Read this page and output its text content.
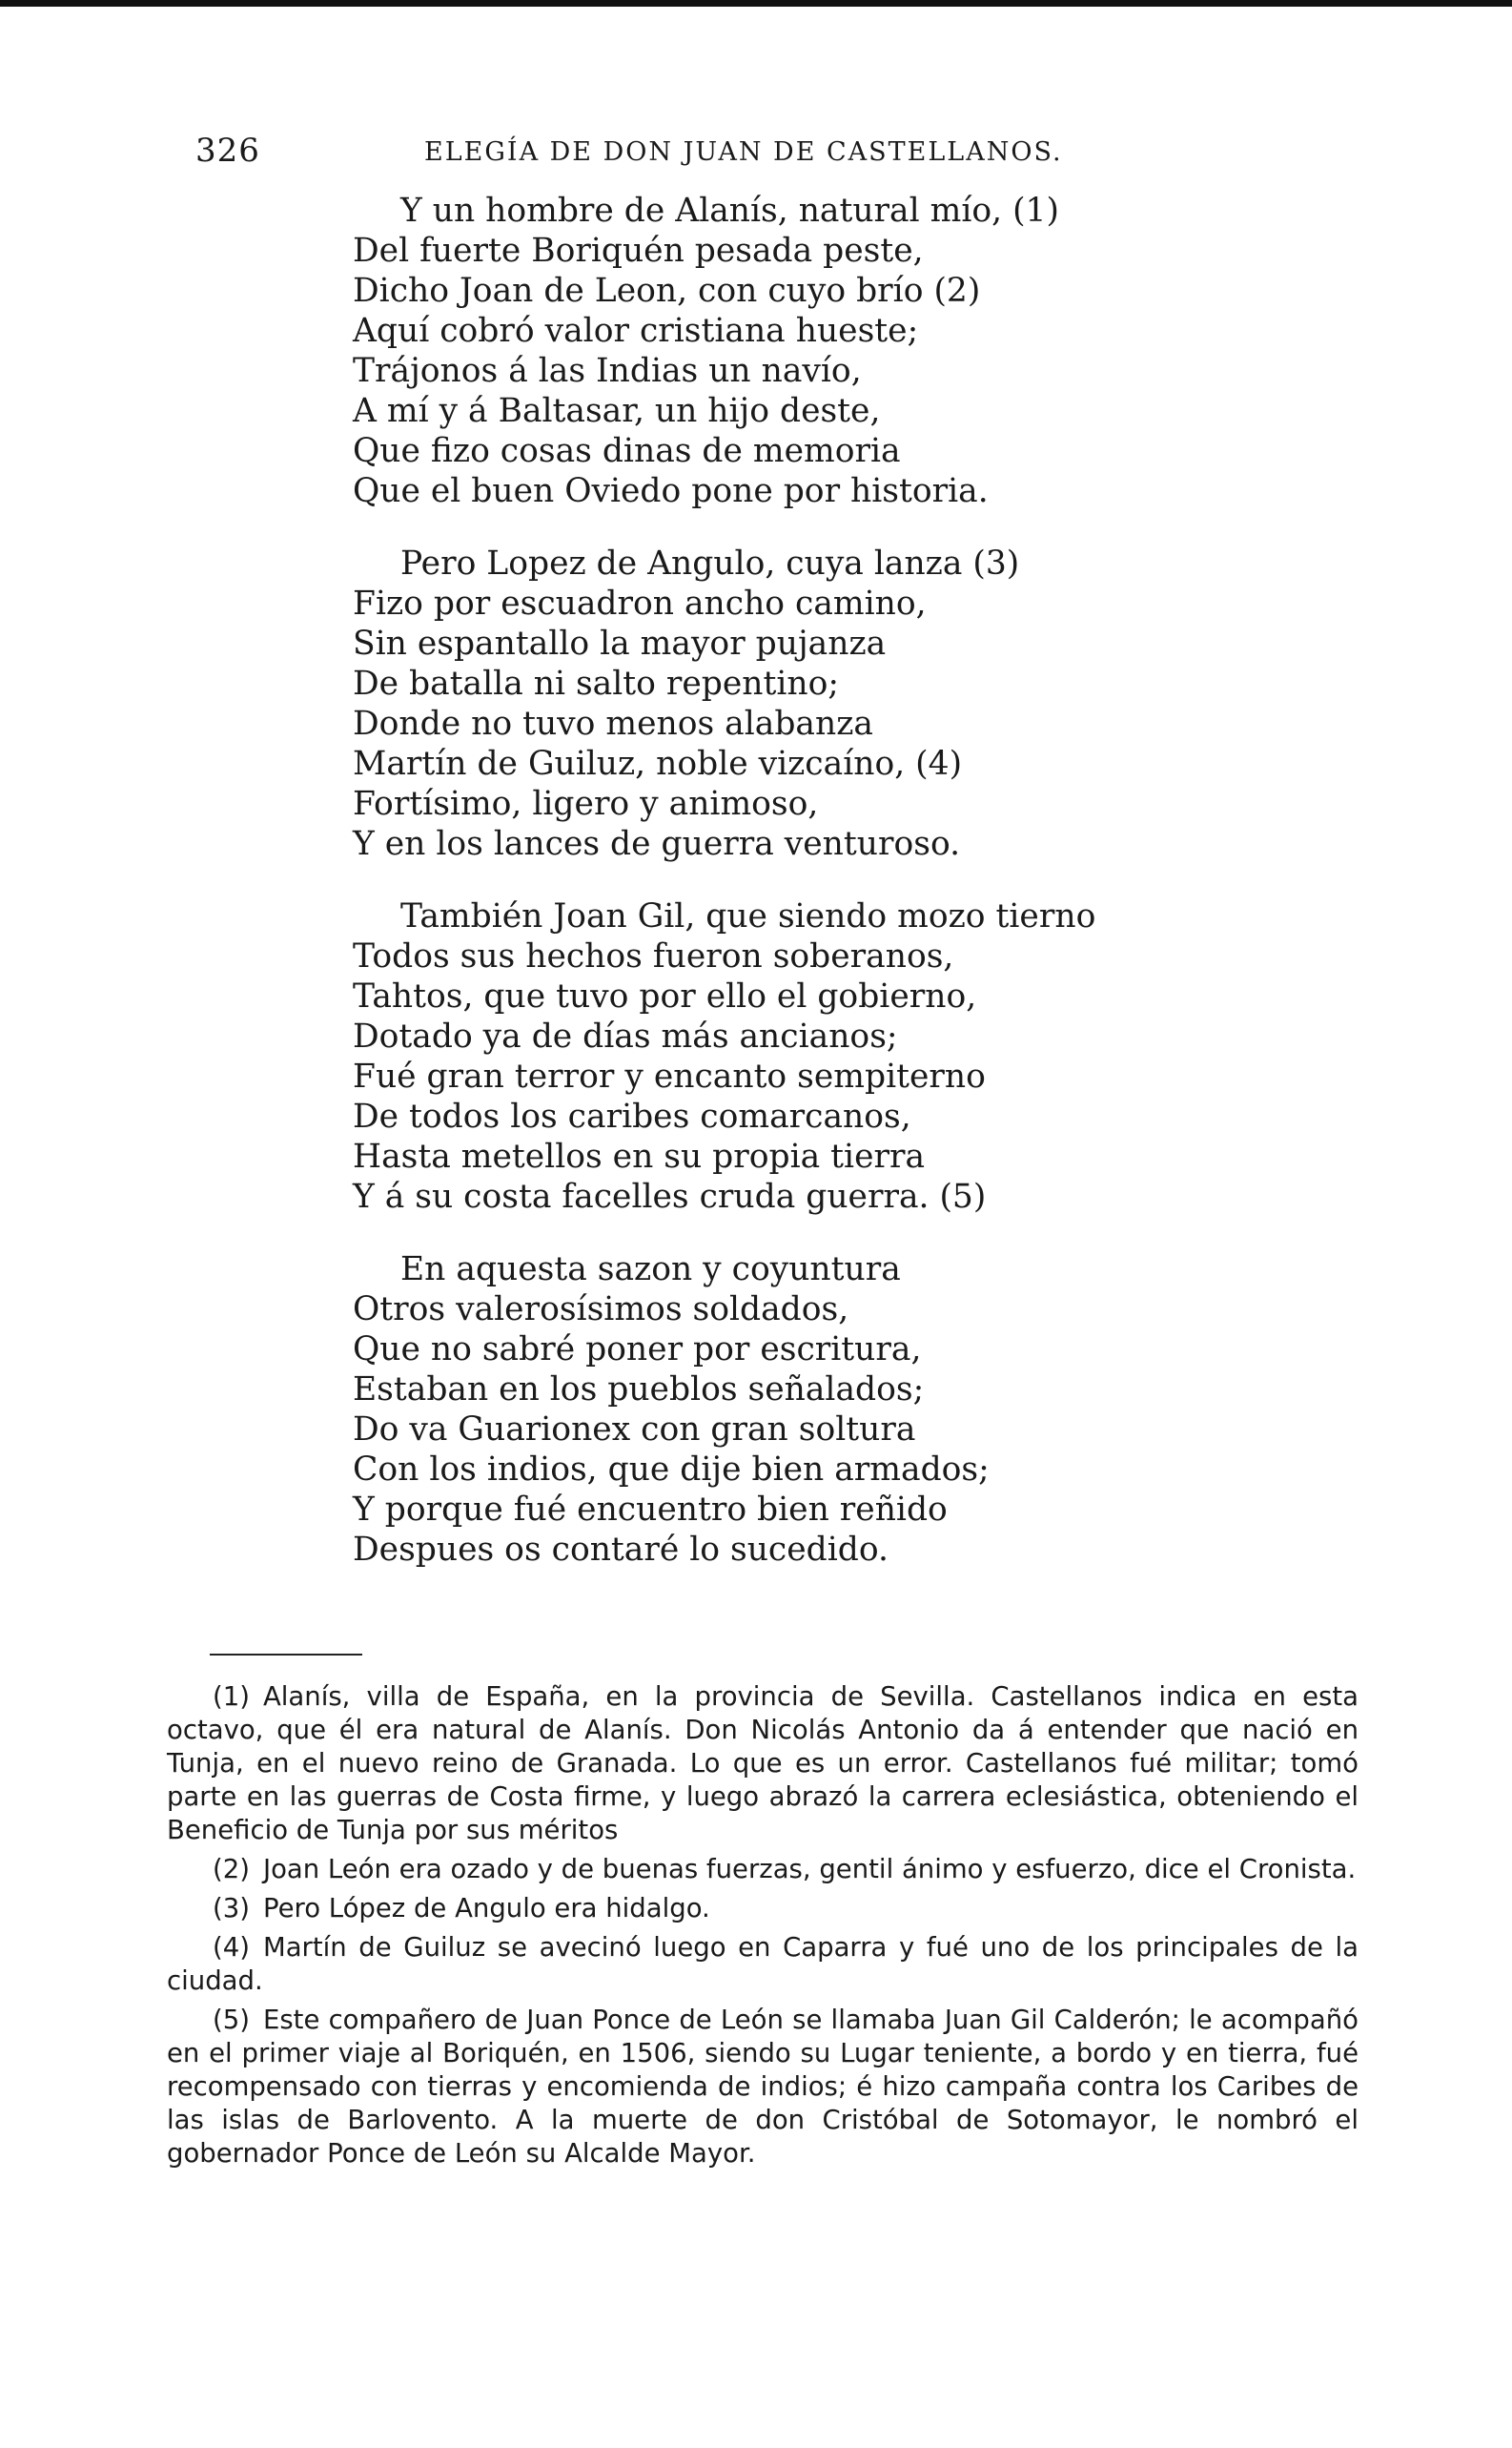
326	ELEGÍA DE DON JUAN DE CASTELLANOS.
Y un hombre de Alanís, natural mío, (1)
Del fuerte Boriquén pesada peste,
Dicho Joan de Leon, con cuyo brío (2)
Aquí cobró valor cristiana hueste;
Trájonos á las Indias un navío,
A mí y á Baltasar, un hijo deste,
Que fizo cosas dinas de memoria
Que el buen Oviedo pone por historia.
Pero Lopez de Angulo, cuya lanza (3)
Fizo por escuadron ancho camino,
Sin espantallo la mayor pujanza
De batalla ni salto repentino;
Donde no tuvo menos alabanza
Martín de Guiluz, noble vizcaíno, (4)
Fortísimo, ligero y animoso,
Y en los lances de guerra venturoso.
También Joan Gil, que siendo mozo tierno
Todos sus hechos fueron soberanos,
Tahtos, que tuvo por ello el gobierno,
Dotado ya de días más ancianos;
Fué gran terror y encanto sempiterno
De todos los caribes comarcanos,
Hasta metellos en su propia tierra
Y á su costa facelles cruda guerra. (5)
En aquesta sazon y coyuntura
Otros valerosísimos soldados,
Que no sabré poner por escritura,
Estaban en los pueblos señalados;
Do va Guarionex con gran soltura
Con los indios, que dije bien armados;
Y porque fué encuentro bien reñido
Despues os contaré lo sucedido.

(1) Alanís, villa de España, en la provincia de Sevilla. Castellanos indica en esta octavo, que él era natural de Alanís. Don Nicolás Antonio da á entender que nació en Tunja, en el nuevo reino de Granada. Lo que es un error. Castellanos fué militar; tomó parte en las guerras de Costa firme, y luego abrazó la carrera eclesiástica, obteniendo el Beneficio de Tunja por sus méritos

(2) Joan León era ozado y de buenas fuerzas, gentil ánimo y esfuerzo, dice el Cronista.

(3) Pero López de Angulo era hidalgo.

(4) Martín de Guiluz se avecinó luego en Caparra y fué uno de los principales de la ciudad.

(5) Este compañero de Juan Ponce de León se llamaba Juan Gil Calderón; le acompañó en el primer viaje al Boriquén, en 1506, siendo su Lugar teniente, a bordo y en tierra, fué recompensado con tierras y encomienda de indios; é hizo campaña contra los Caribes de las islas de Barlovento. A la muerte de don Cristóbal de Sotomayor, le nombró el gobernador Ponce de León su Alcalde Mayor.
